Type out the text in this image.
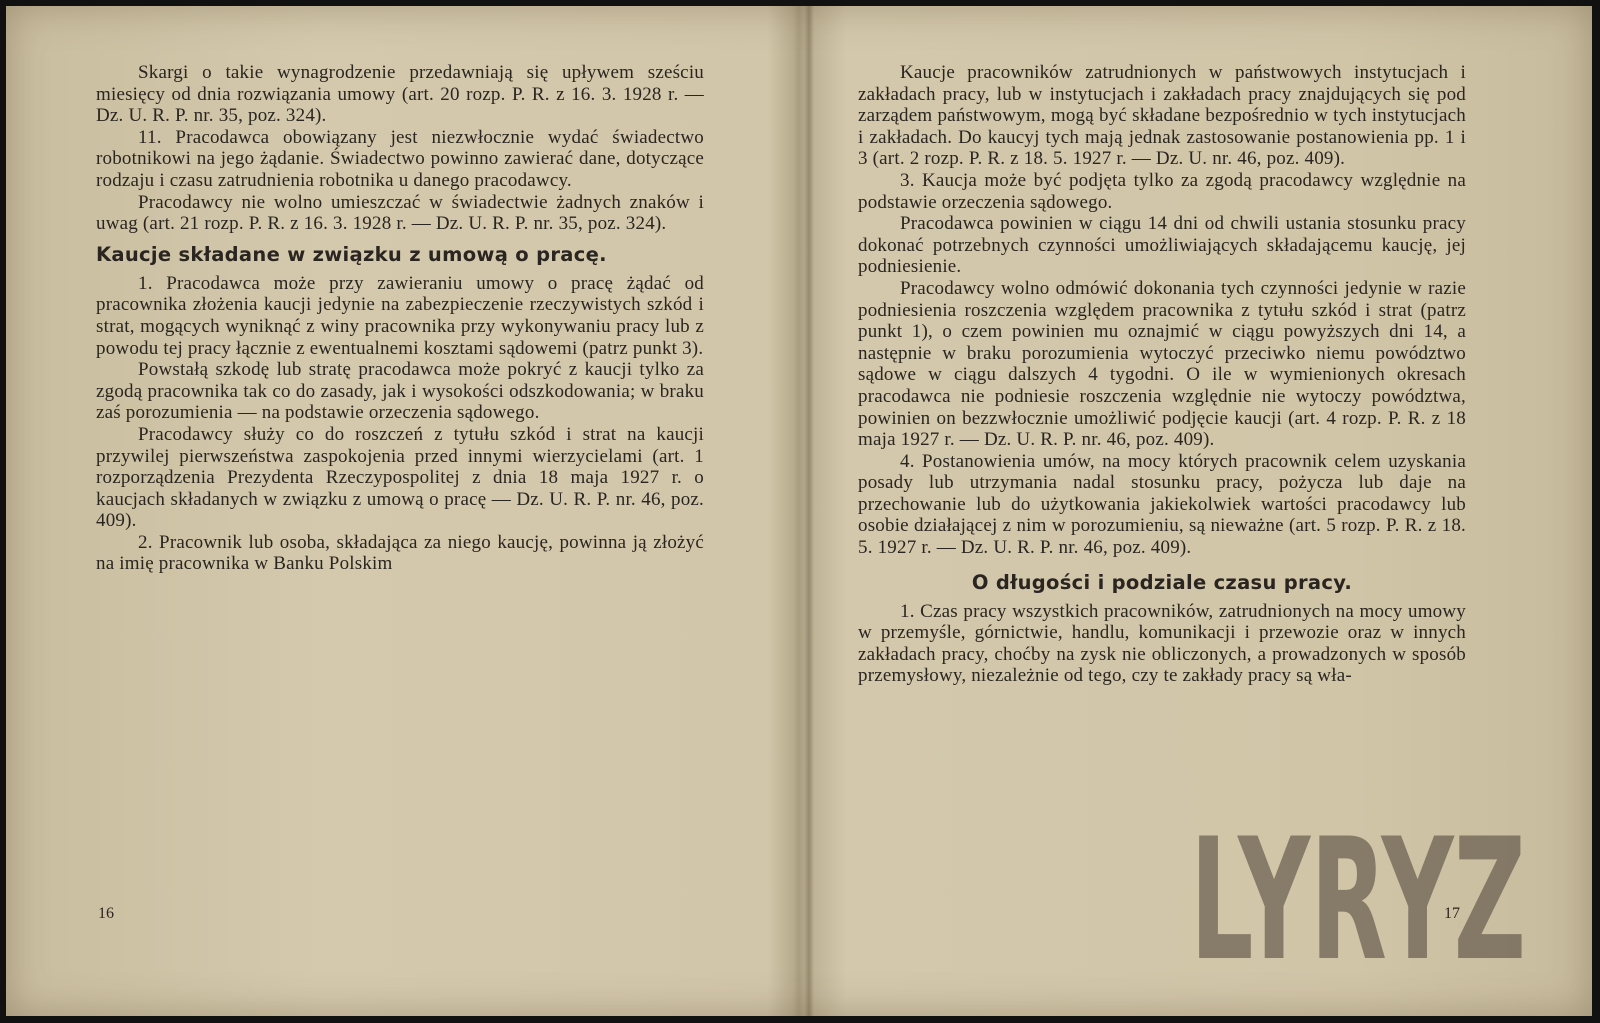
Skargi o takie wynagrodzenie przedawniają się upływem sześciu miesięcy od dnia rozwiązania umowy (art. 20 rozp. P. R. z 16. 3. 1928 r. — Dz. U. R. P. nr. 35, poz. 324).

11. Pracodawca obowiązany jest niezwłocznie wydać świadectwo robotnikowi na jego żądanie. Świadectwo powinno zawierać dane, dotyczące rodzaju i czasu zatrudnienia robotnika u danego pracodawcy.

Pracodawcy nie wolno umieszczać w świadectwie żadnych znaków i uwag (art. 21 rozp. P. R. z 16. 3. 1928 r. — Dz. U. R. P. nr. 35, poz. 324).

Kaucje składane w związku z umową o pracę.

1. Pracodawca może przy zawieraniu umowy o pracę żądać od pracownika złożenia kaucji jedynie na zabezpieczenie rzeczywistych szkód i strat, mogących wyniknąć z winy pracownika przy wykonywaniu pracy lub z powodu tej pracy łącznie z ewentualnemi kosztami sądowemi (patrz punkt 3).

Powstałą szkodę lub stratę pracodawca może pokryć z kaucji tylko za zgodą pracownika tak co do zasady, jak i wysokości odszkodowania; w braku zaś porozumienia — na podstawie orzeczenia sądowego.

Pracodawcy służy co do roszczeń z tytułu szkód i strat na kaucji przywilej pierwszeństwa zaspokojenia przed innymi wierzycielami (art. 1 rozporządzenia Prezydenta Rzeczypospolitej z dnia 18 maja 1927 r. o kaucjach składanych w związku z umową o pracę — Dz. U. R. P. nr. 46, poz. 409).

2. Pracownik lub osoba, składająca za niego kaucję, powinna ją złożyć na imię pracownika w Banku Polskim

Kaucje pracowników zatrudnionych w państwowych instytucjach i zakładach pracy, lub w instytucjach i zakładach pracy znajdujących się pod zarządem państwowym, mogą być składane bezpośrednio w tych instytucjach i zakładach. Do kaucyj tych mają jednak zastosowanie postanowienia pp. 1 i 3 (art. 2 rozp. P. R. z 18. 5. 1927 r. — Dz. U. nr. 46, poz. 409).

3. Kaucja może być podjęta tylko za zgodą pracodawcy względnie na podstawie orzeczenia sądowego.

Pracodawca powinien w ciągu 14 dni od chwili ustania stosunku pracy dokonać potrzebnych czynności umożliwiających składającemu kaucję, jej podniesienie.

Pracodawcy wolno odmówić dokonania tych czynności jedynie w razie podniesienia roszczenia względem pracownika z tytułu szkód i strat (patrz punkt 1), o czem powinien mu oznajmić w ciągu powyższych dni 14, a następnie w braku porozumienia wytoczyć przeciwko niemu powództwo sądowe w ciągu dalszych 4 tygodni. O ile w wymienionych okresach pracodawca nie podniesie roszczenia względnie nie wytoczy powództwa, powinien on bezzwłocznie umożliwić podjęcie kaucji (art. 4 rozp. P. R. z 18 maja 1927 r. — Dz. U. R. P. nr. 46, poz. 409).

4. Postanowienia umów, na mocy których pracownik celem uzyskania posady lub utrzymania nadal stosunku pracy, pożycza lub daje na przechowanie lub do użytkowania jakiekolwiek wartości pracodawcy lub osobie działającej z nim w porozumieniu, są nieważne (art. 5 rozp. P. R. z 18. 5. 1927 r. — Dz. U. R. P. nr. 46, poz. 409).

O długości i podziale czasu pracy.

1. Czas pracy wszystkich pracowników, zatrudnionych na mocy umowy w przemyśle, górnictwie, handlu, komunikacji i przewozie oraz w innych zakładach pracy, choćby na zysk nie obliczonych, a prowadzonych w sposób przemysłowy, niezależnie od tego, czy te zakłady pracy są wła-

16	17
LYRYZ
